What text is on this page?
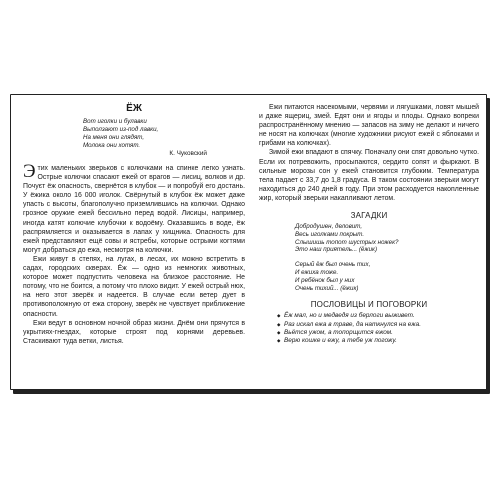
ЁЖ
Вот иголки и булавки
Выползают из-под лавки,
На меня они глядят,
Молока они хотят.
К. Чуковский

Этих маленьких зверьков с колючками на спинке легко узнать. Острые колючки спасают ежей от врагов — лисиц, волков и др. Почуєт ёж опасность, свернётся в клубок — и попробуй его достань. У ёжика около 16 000 иголок. Свёрнутый в клубок ёж может даже упасть с высоты, благополучно приземлившись на колючки. Однако грозное оружие ежей бессильно перед водой. Лисицы, например, иногда катят колючие клубочки к водоёму. Оказавшись в воде, ёж распрямляется и оказывается в лапах у хищника. Опасность для ежей представляют ещё совы и ястребы, которые острыми когтями могут добраться до ежа, несмотря на колючки.

Ежи живут в степях, на лугах, в лесах, их можно встретить в садах, городских скверах. Ёж — одно из немногих животных, которое может подпустить человека на близкое расстояние. Не потому, что не боится, а потому что плохо видит. У ежей острый нюх, на него этот зверёк и надеется. В случае если ветер дует в противоположную от ежа сторону, зверёк не чувствует приближение опасности.

Ежи ведут в основном ночной образ жизни. Днём они прячутся в укрытиях-гнездах, которые строят под корнями деревьев. Стаскивают туда ветки, листья.

Ежи питаются насекомыми, червями и лягушками, ловят мышей и даже ящериц, змей. Едят они и ягоды и плоды. Однако вопреки распространённому мнению — запасов на зиму не делают и ничего не носят на колючках (многие художники рисуют ежей с яблоками и грибами на колючках).

Зимой ежи впадают в спячку. Поначалу они спят довольно чутко. Если их потревожить, просыпаются, сердито сопят и фыркают. В сильные морозы сон у ежей становится глубоким. Температура тела падает с 33,7 до 1,8 градуса. В таком состоянии зверьки могут находиться до 240 дней в году. При этом расходуется накопленные жир, который зверьки накапливают летом.

ЗАГАДКИ
Добродушен, деловит,
Весь иголками покрыт.
Слышишь топот шустрых ножек?
Это наш приятель... (ёжик)
Серый ёж был очень тих,
И ежиха тоже.
И ребёнок был у них
Очень тихий... (ёжик)
ПОСЛОВИЦЫ И ПОГОВОРКИ
◆ Ёж мал, но и медведя из берлоги выживет.
◆ Раз искал ежа в траве, да наткнулся на ежа.
◆ Вьётся ужом, а топорщится ежом.
◆ Верю кошке и ежу, а тебе уж погожу.
